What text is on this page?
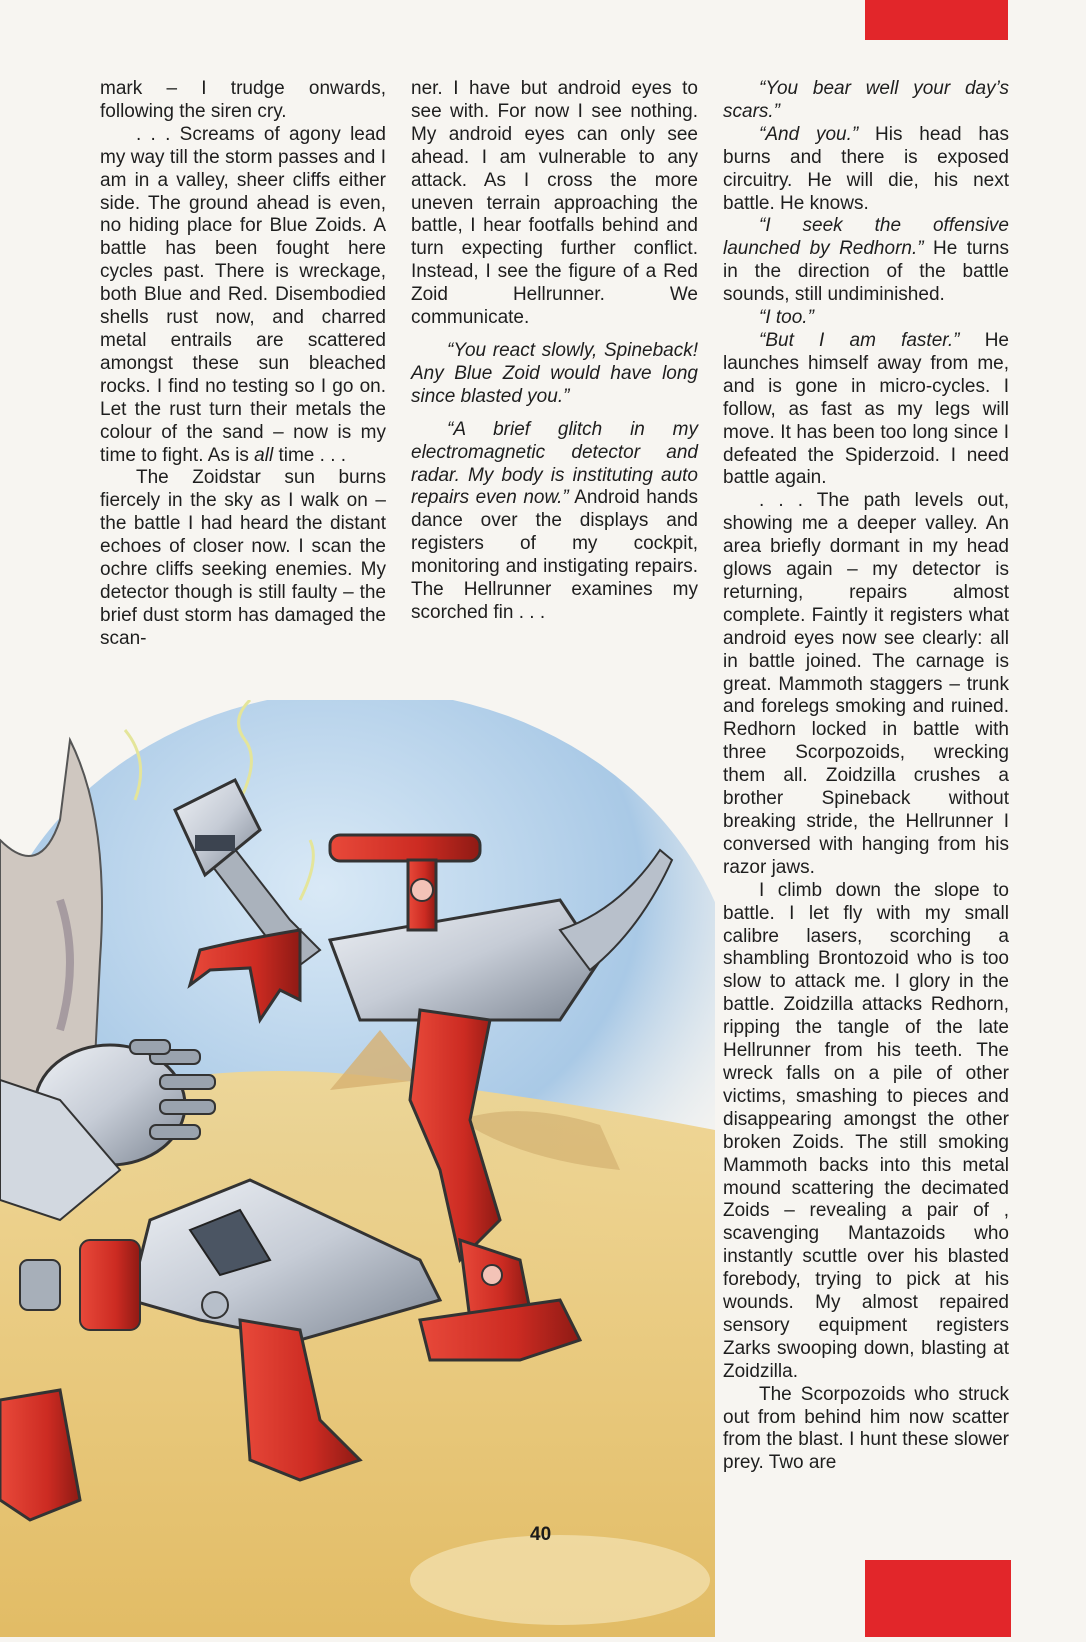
mark – I trudge onwards, following the siren cry.

. . . Screams of agony lead my way till the storm passes and I am in a valley, sheer cliffs either side. The ground ahead is even, no hiding place for Blue Zoids. A battle has been fought here cycles past. There is wreckage, both Blue and Red. Disembodied shells rust now, and charred metal entrails are scattered amongst these sun bleached rocks. I find no testing so I go on. Let the rust turn their metals the colour of the sand – now is my time to fight. As is all time . . .

The Zoidstar sun burns fiercely in the sky as I walk on – the battle I had heard the distant echoes of closer now. I scan the ochre cliffs seeking enemies. My detector though is still faulty – the brief dust storm has damaged the scan-

ner. I have but android eyes to see with. For now I see nothing. My android eyes can only see ahead. I am vulnerable to any attack. As I cross the more uneven terrain approaching the battle, I hear footfalls behind and turn expecting further conflict. Instead, I see the figure of a Red Zoid Hellrunner. We communicate.

“You react slowly, Spineback! Any Blue Zoid would have long since blasted you.”

“A brief glitch in my electromagnetic detector and radar. My body is instituting auto repairs even now.” Android hands dance over the displays and registers of my cockpit, monitoring and instigating repairs. The Hellrunner examines my scorched fin . . .

“You bear well your day’s scars.”

“And you.” His head has burns and there is exposed circuitry. He will die, his next battle. He knows.

“I seek the offensive launched by Redhorn.” He turns in the direction of the battle sounds, still undiminished.

“I too.”

“But I am faster.” He launches himself away from me, and is gone in micro-cycles. I follow, as fast as my legs will move. It has been too long since I defeated the Spiderzoid. I need battle again.

. . . The path levels out, showing me a deeper valley. An area briefly dormant in my head glows again – my detector is returning, repairs almost complete. Faintly it registers what android eyes now see clearly: all in battle joined. The carnage is great. Mammoth staggers – trunk and forelegs smoking and ruined. Redhorn locked in battle with three Scorpozoids, wrecking them all. Zoidzilla crushes a brother Spineback without breaking stride, the Hellrunner I conversed with hanging from his razor jaws.

I climb down the slope to battle. I let fly with my small calibre lasers, scorching a shambling Brontozoid who is too slow to attack me. I glory in the battle. Zoidzilla attacks Redhorn, ripping the tangle of the late Hellrunner from his teeth. The wreck falls on a pile of other victims, smashing to pieces and disappearing amongst the other broken Zoids. The still smoking Mammoth backs into this metal mound scattering the decimated Zoids – revealing a pair of , scavenging Mantazoids who instantly scuttle over his blasted forebody, trying to pick at his wounds. My almost repaired sensory equipment registers Zarks swooping down, blasting at Zoidzilla.

The Scorpozoids who struck out from behind him now scatter from the blast. I hunt these slower prey. Two are

40
